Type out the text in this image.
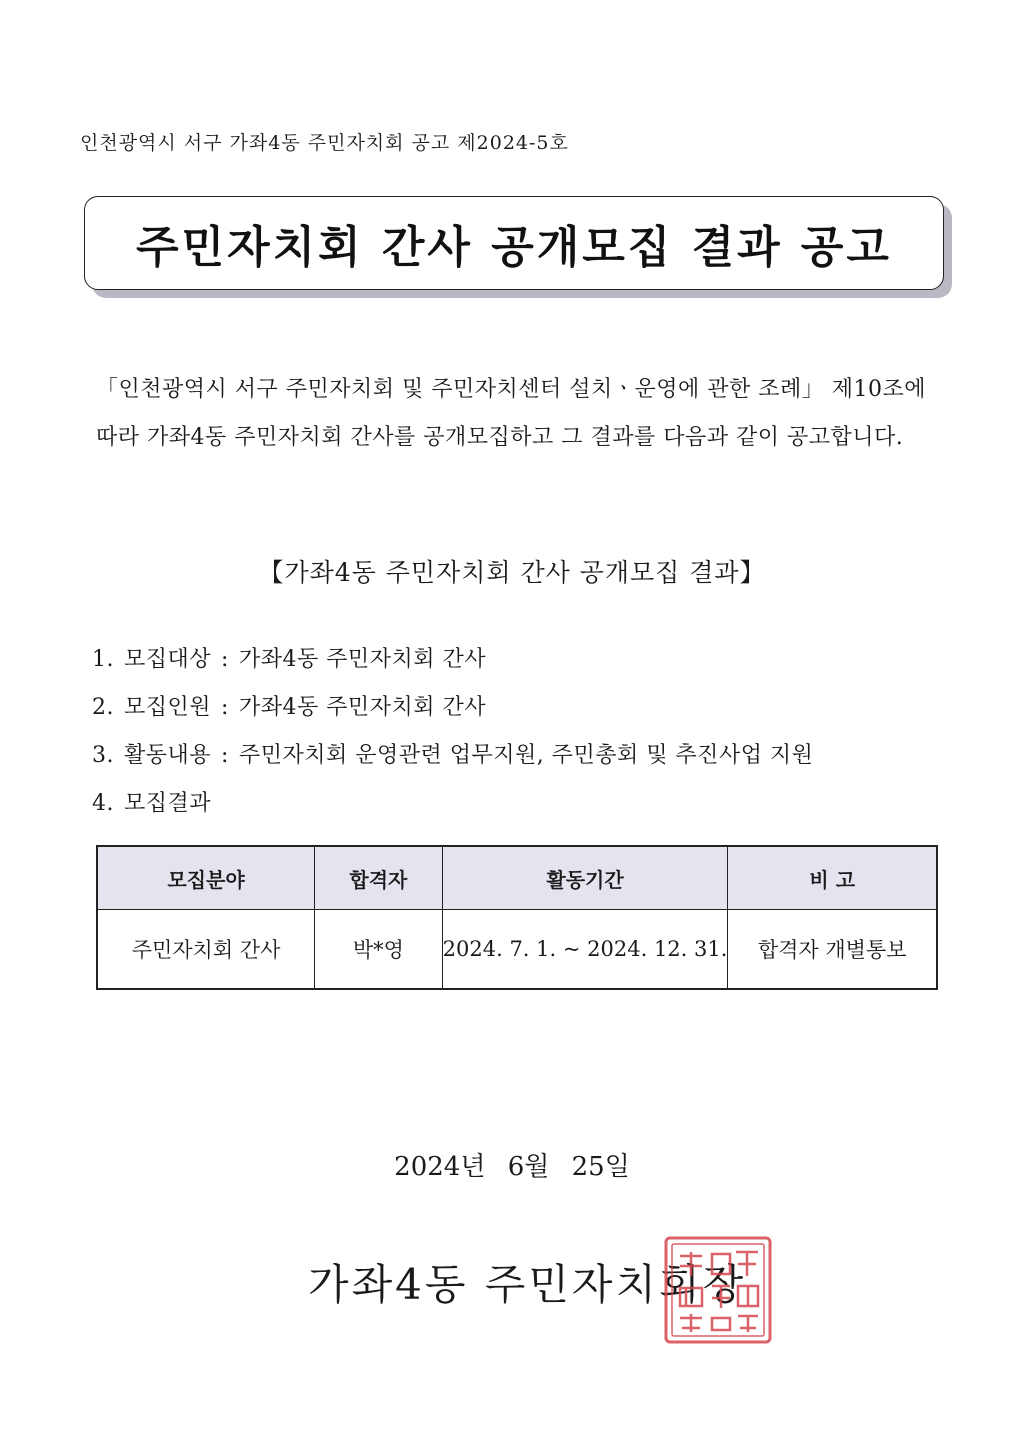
인천광역시 서구 가좌4동 주민자치회 공고 제2024-5호
주민자치회 간사 공개모집 결과 공고
「인천광역시 서구 주민자치회 및 주민자치센터 설치ㆍ운영에 관한 조례」 제10조에 따라 가좌4동 주민자치회 간사를 공개모집하고 그 결과를 다음과 같이 공고합니다.
【가좌4동 주민자치회 간사 공개모집 결과】
1. 모집대상 : 가좌4동 주민자치회 간사
2. 모집인원 : 가좌4동 주민자치회 간사
3. 활동내용 : 주민자치회 운영관련 업무지원, 주민총회 및 추진사업 지원
4. 모집결과
모집분야	합격자	활동기간	비 고
주민자치회 간사	박*영	2024. 7. 1. ~ 2024. 12. 31.	합격자 개별통보
2024년 6월 25일
가좌4동 주민자치회장
